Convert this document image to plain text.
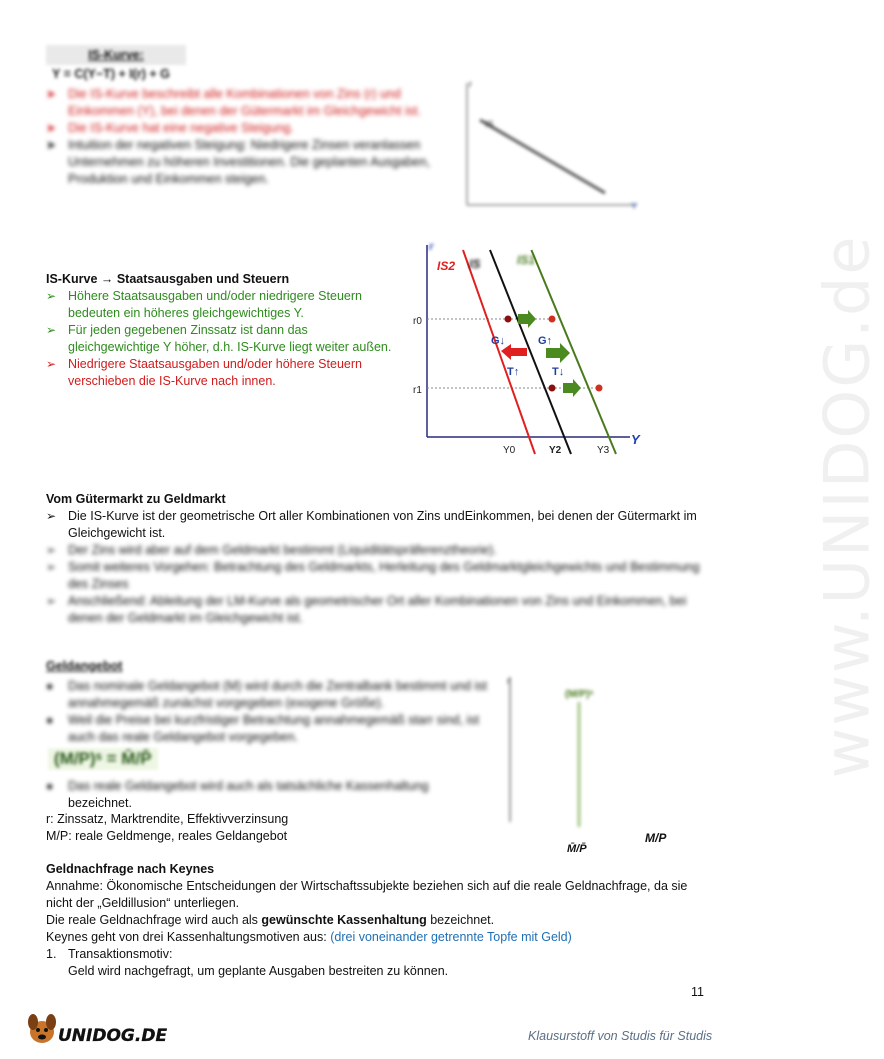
www.UNIDOG.de
IS-Kurve:
Y = C(Y−T) + I(r) + G
➤ Die IS-Kurve beschreibt alle Kombinationen von Zins (r) und Einkommen (Y), bei denen der Gütermarkt im Gleichgewicht ist.
➤ Die IS-Kurve hat eine negative Steigung.
➤ Intuition der negativen Steigung: Niedrigere Zinsen veranlassen Unternehmen zu höheren Investitionen. Die geplanten Ausgaben, Produktion und Einkommen steigen.
IS
r
Y
IS-Kurve → Staatsausgaben und Steuern
➢ Höhere Staatsausgaben und/oder niedrigere Steuern bedeuten ein höheres gleichgewichtiges Y.
➢ Für jeden gegebenen Zinssatz ist dann das gleichgewichtige Y höher, d.h. IS-Kurve liegt weiter außen.
➢ Niedrigere Staatsausgaben und/oder höhere Steuern verschieben die IS-Kurve nach innen.
r
Y
r0
r1
Y0	Y2	Y3
IS2 IS	IS1
G↓
T↑
G↑
T↓
Vom Gütermarkt zu Geldmarkt
➢ Die IS-Kurve ist der geometrische Ort aller Kombinationen von Zins undEinkommen, bei denen der Gütermarkt im Gleichgewicht ist.
➢ Der Zins wird aber auf dem Geldmarkt bestimmt (Liquiditätspräferenztheorie).
➢ Somit weiteres Vorgehen: Betrachtung des Geldmarkts, Herleitung des Geldmarktgleichgewichts und Bestimmung des Zinses
➢ Anschließend: Ableitung der LM-Kurve als geometrischer Ort aller Kombinationen von Zins und Einkommen, bei denen der Geldmarkt im Gleichgewicht ist.
Geldangebot
●	Das nominale Geldangebot (M) wird durch die Zentralbank bestimmt und ist annahmegemäß zunächst vorgegeben (exogene Größe).
●	Weil die Preise bei kurzfristiger Betrachtung annahmegemäß starr sind, ist auch das reale Geldangebot vorgegeben.
(M/P)ˢ = M̄/P̄
●	Das reale Geldangebot wird auch als tatsächliche Kassenhaltung
bezeichnet.
r: Zinssatz, Marktrendite, Effektivverzinsung
M/P: reale Geldmenge, reales Geldangebot
r
(M/P)ˢ
M̄/P̄
M/P
Geldnachfrage nach Keynes
Annahme: Ökonomische Entscheidungen der Wirtschaftssubjekte beziehen sich auf die reale Geldnachfrage, da sie nicht der „Geldillusion“ unterliegen.
Die reale Geldnachfrage wird auch als gewünschte Kassenhaltung bezeichnet.
Keynes geht von drei Kassenhaltungsmotiven aus: (drei voneinander getrennte Topfe mit Geld)
1. Transaktionsmotiv:
Geld wird nachgefragt, um geplante Ausgaben bestreiten zu können.
11
UNIDOG.DE	Klausurstoff von Studis für Studis
